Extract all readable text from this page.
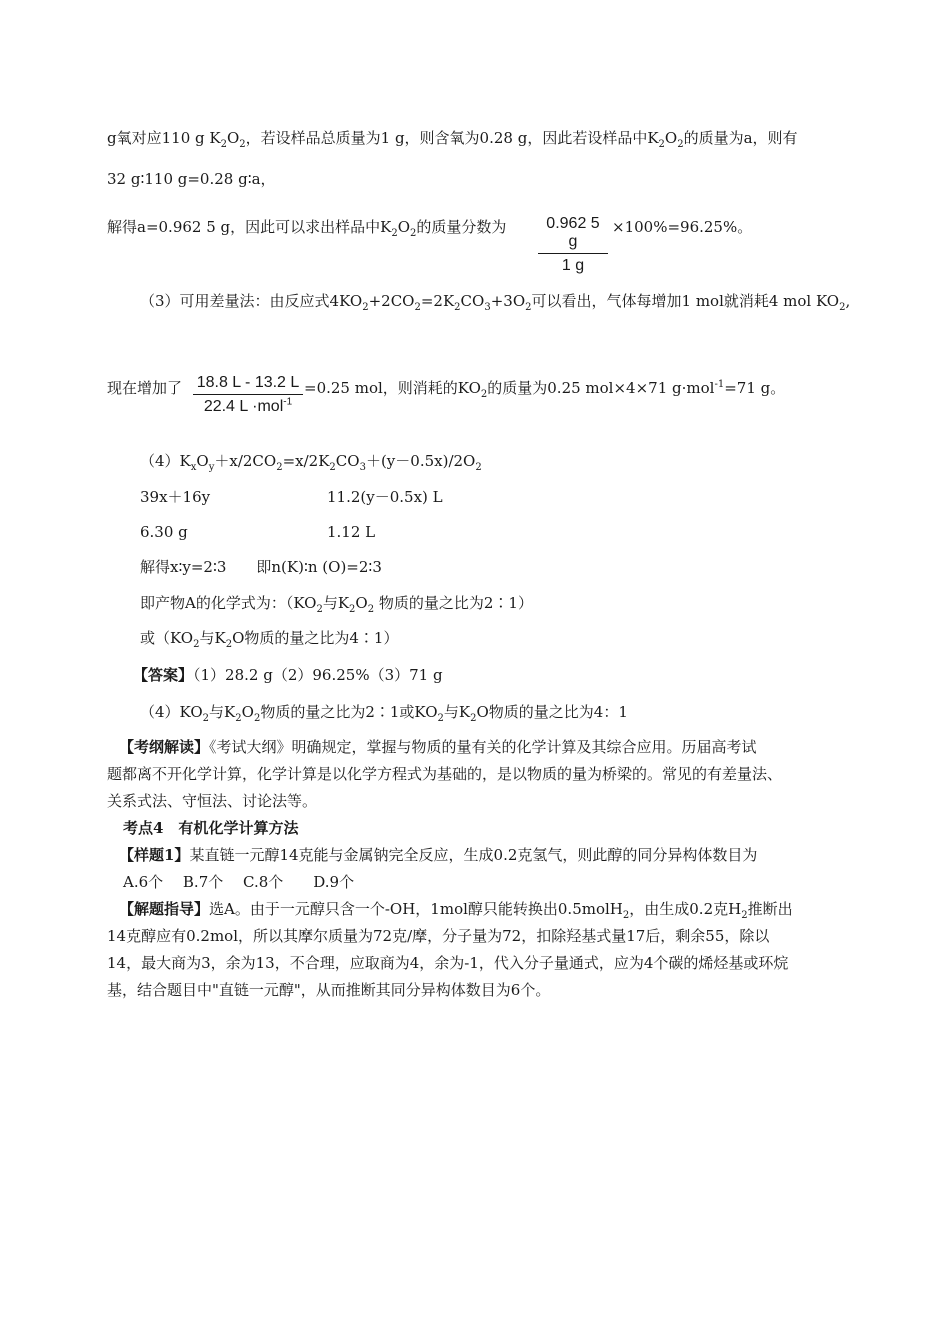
g氧对应110 g $K_2O_2$，若设样品总质量为1 g，则含氧为0.28 g，因此若设样品中$K_2O_2$的质量为a，则有
32 g∶110 g=0.28 g∶a，
解得a=0.962 5 g，因此可以求出样品中$K_2O_2$的质量分数为 $\frac{0.962 5 g}{1 g} \times 100\%=96.25\%$。
（3）可用差量法：由反应式$4KO_2+2CO_2=2K_2CO_3+3O_2$可以看出，气体每增加1 mol就消耗4 mol $KO_2$,
现在增加了 18.8 L - 13.2 L
22.4 L ·mol$^{-1}$
=0.25 mol，则消耗的$KO_2$的质量为0.25 mol×4×71 g·mol$^{-1}$=71 g。
$(4)K_xO_y+x/2CO_2=x/2K_2CO_3+(y-0.5x)/2O_2$
39x＋16y	11.2(y－0.5x) L
6.30 g	1.12 L
解得x∶y=2∶3　　即n(K)∶n (O)=2∶3
即产物A的化学式为：（$KO_2$与$K_2O_2$ 物质的量之比为2∶1）
或（$KO_2$与$K_2O$物质的量之比为4∶1）
【答案】（1）28.2 g（2）96.25%（3）71 g
$(4)KO_2$与$K_2O_2$物质的量之比为2∶1或$KO_2$与$K_2O$物质的量之比为4：1
【考纲解读】《考试大纲》明确规定，掌握与物质的量有关的化学计算及其综合应用。历届高考试
题都离不开化学计算，化学计算是以化学方程式为基础的，是以物质的量为桥梁的。常见的有差量法、
关系式法、守恒法、讨论法等。
考点4　有机化学计算方法
【样题1】某直链一元醇14克能与金属钠完全反应，生成0.2克氢气，则此醇的同分异构体数目为
A.6个　 B.7个　 C.8个　　D.9个
【解题指导】选A。由于一元醇只含一个-OH，1mol醇只能转换出0.5molH$_2$，由生成0.2克$H_2$推断出
14克醇应有0.2mol，所以其摩尔质量为72克/摩，分子量为72，扣除羟基式量17后，剩余55，除以
14，最大商为3，余为13，不合理，应取商为4，余为-1，代入分子量通式，应为4个碳的烯烃基或环烷
基，结合题目中"直链一元醇"，从而推断其同分异构体数目为6个。
